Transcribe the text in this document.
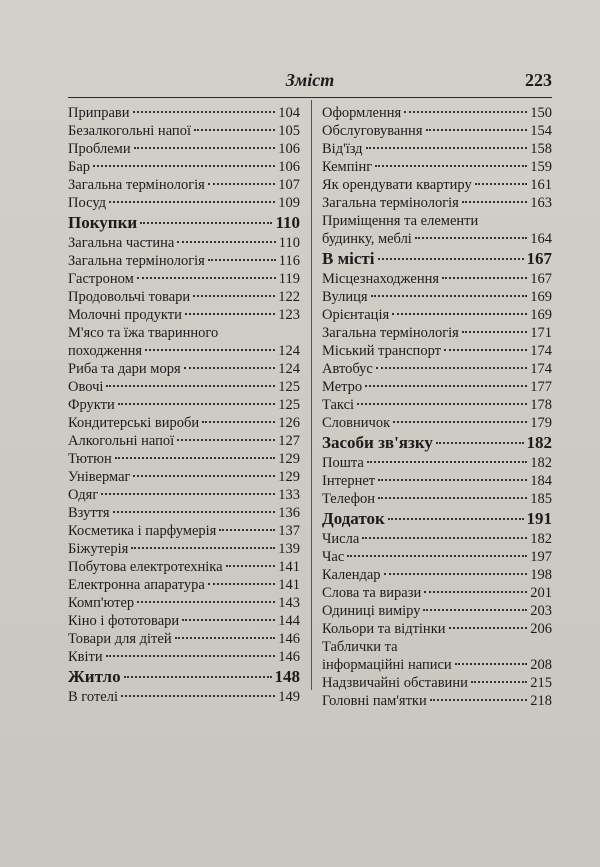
Зміст	223
Приправи	104
Безалкогольні напої	105
Проблеми	106
Бар	106
Загальна термінологія	107
Посуд	109
Покупки	110
Загальна частина	110
Загальна термінологія	116
Гастроном	119
Продовольчі товари	122
Молочні продукти	123
М'ясо та їжа тваринного
походження	124
Риба та дари моря	124
Овочі	125
Фрукти	125
Кондитерські вироби	126
Алкогольні напої	127
Тютюн	129
Універмаг	129
Одяг	133
Взуття	136
Косметика і парфумерія	137
Біжутерія	139
Побутова електротехніка	141
Електронна апаратура	141
Комп'ютер	143
Кіно і фототовари	144
Товари для дітей	146
Квіти	146
Житло	148
В готелі	149
Оформлення	150
Обслуговування	154
Від'їзд	158
Кемпінг	159
Як орендувати квартиру	161
Загальна термінологія	163
Приміщення та елементи
будинку, меблі	164
В місті	167
Місцезнаходження	167
Вулиця	169
Орієнтація	169
Загальна термінологія	171
Міський транспорт	174
Автобус	174
Метро	177
Таксі	178
Словничок	179
Засоби зв'язку	182
Пошта	182
Інтернет	184
Телефон	185
Додаток	191
Числа	182
Час	197
Календар	198
Слова та вирази	201
Одиниці виміру	203
Кольори та відтінки	206
Таблички та
інформаційні написи	208
Надзвичайні обставини	215
Головні пам'ятки	218
